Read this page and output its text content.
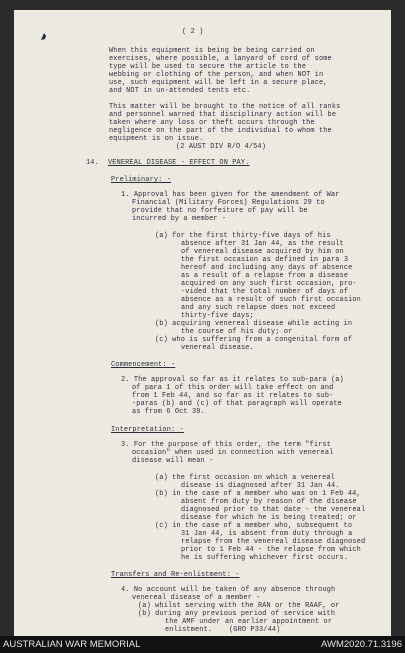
( 2 )
When this equipment is being be being carried on
exercises, where possible, a lanyard of cord of some
type will be used to secure the article to the
webbing or clothing of the person, and when NOT in
use, such equipment will be left in a secure place,
and NOT in un-attended tents etc.
This matter will be brought to the notice of all ranks
and personnel warned that disciplinary action will be
taken where any loss or theft occurs through the
negligence on the part of the individual to whom the
equipment is on issue.
(2 AUST DIV R/O 4/54)
14. VENEREAL DISEASE - EFFECT ON PAY.
Preliminary: -
1. Approval has been given for the amendment of War
Financial (Military Forces) Regulations 29 to
provide that no forfeiture of pay will be
incurred by a member -
(a) for the first thirty-five days of his
absence after 31 Jan 44, as the result
of venereal disease acquired by him on
the first occasion as defined in para 3
hereof and including any days of absence
as a result of a relapse from a disease
acquired on any such first occasion, pro-
-vided that the total number of days of
absence as a result of such first occasion
and any such relapse does not exceed
thirty-five days;
(b) acquiring venereal disease while acting in
the course of his duty; or
(c) who is suffering from a congenital form of
venereal disease.
Commencement: -
2. The approval so far as it relates to sub-para (a)
of para 1 of this order will take effect on and
from 1 Feb 44, and so far as it relates to sub-
-paras (b) and (c) of that paragraph will operate
as from 6 Oct 39.
Interpretation: -
3. For the purpose of this order, the term "first
occasion" when used in connection with venereal
disease will mean -
(a) the first occasion on which a venereal
disease is diagnosed after 31 Jan 44.
(b) in the case of a member who was on 1 Feb 44,
absent from duty by reason of the disease
diagnosed prior to that date - the venereal
disease for which he is being treated; or
(c) in the case of a member who, subsequent to
31 Jan 44, is absent from duty through a
relapse from the venereal disease diagnosed
prior to 1 Feb 44 - the relapse from which
he is suffering whichever first occurs.
Transfers and Re-enlistment: -
4. No account will be taken of any absence through
venereal disease of a member -
(a) whilst serving with the RAN or the RAAF, or
(b) during any previous period of service with
the AMF under an earlier appointment or
enlistment. (GRO P33/44)
AUSTRALIAN WAR MEMORIAL	AWM2020.71.3196
